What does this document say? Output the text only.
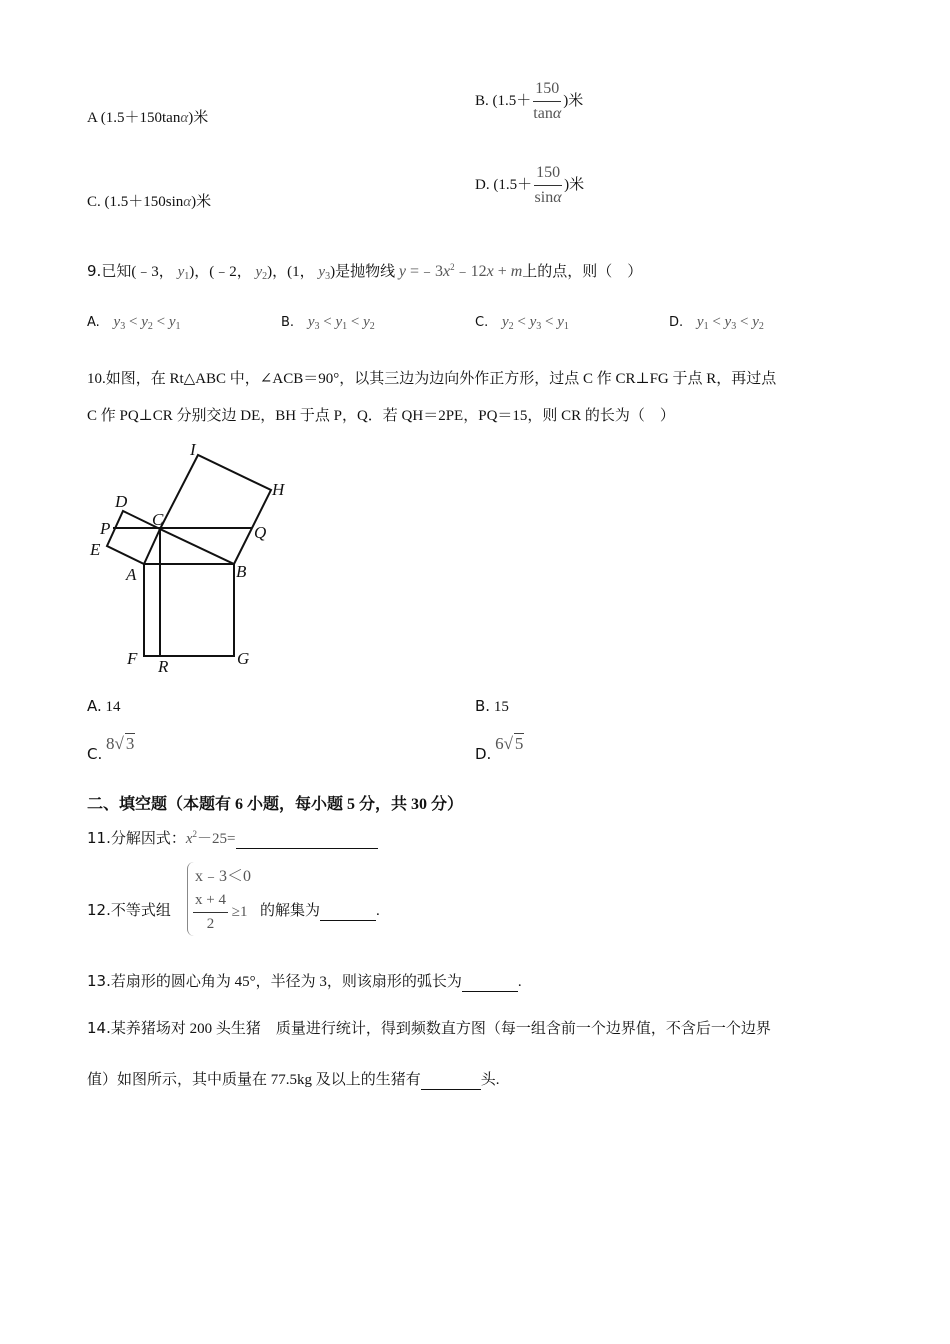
A (1.5＋150tanα)米
B. ($1.5+ \frac{150}{\tan\alpha}$ )米
C. (1.5＋150sinα)米
D. ($1.5+ \frac{150}{\sin\alpha}$ )米
9.已知(﹣3， $y_1$)，(﹣2， $y_2$)，(1， $y_3$)是抛物线 $y =﹣3x^2﹣12x + m$上的点，则（　）
A. $y_3 < y_2 < y_1$	B. $y_3 < y_1 < y_2$	C. $y_2 < y_3 < y_1$	D. $y_1 < y_3 < y_2$
10.如图，在 Rt△ABC 中，∠ACB＝90°，以其三边为边向外作正方形，过点 C 作 CR⊥FG 于点 R，再过点
C 作 PQ⊥CR 分别交边 DE，BH 于点 P，Q．若 QH＝2PE，PQ＝15，则 CR 的长为（　）
I
H
D
P C
Q
E
A	B
F R	G
A. 14	B. 15
C. 8√ 3
D. 6√ 5
二、填空题（本题有 6 小题，每小题 5 分，共 30 分）
11.分解因式：$x^2-25=$
12.不等式组
x﹣3＜0
$\frac{x + 4}{2} \ge 1$ 的解集为	.
13.若扇形的圆心角为 45°，半径为 3，则该扇形的弧长为	.
14.某养猪场对 200 头生猪　质量进行统计，得到频数直方图（每一组含前一个边界值，不含后一个边界
值）如图所示，其中质量在 77.5kg 及以上的生猪有	头.
